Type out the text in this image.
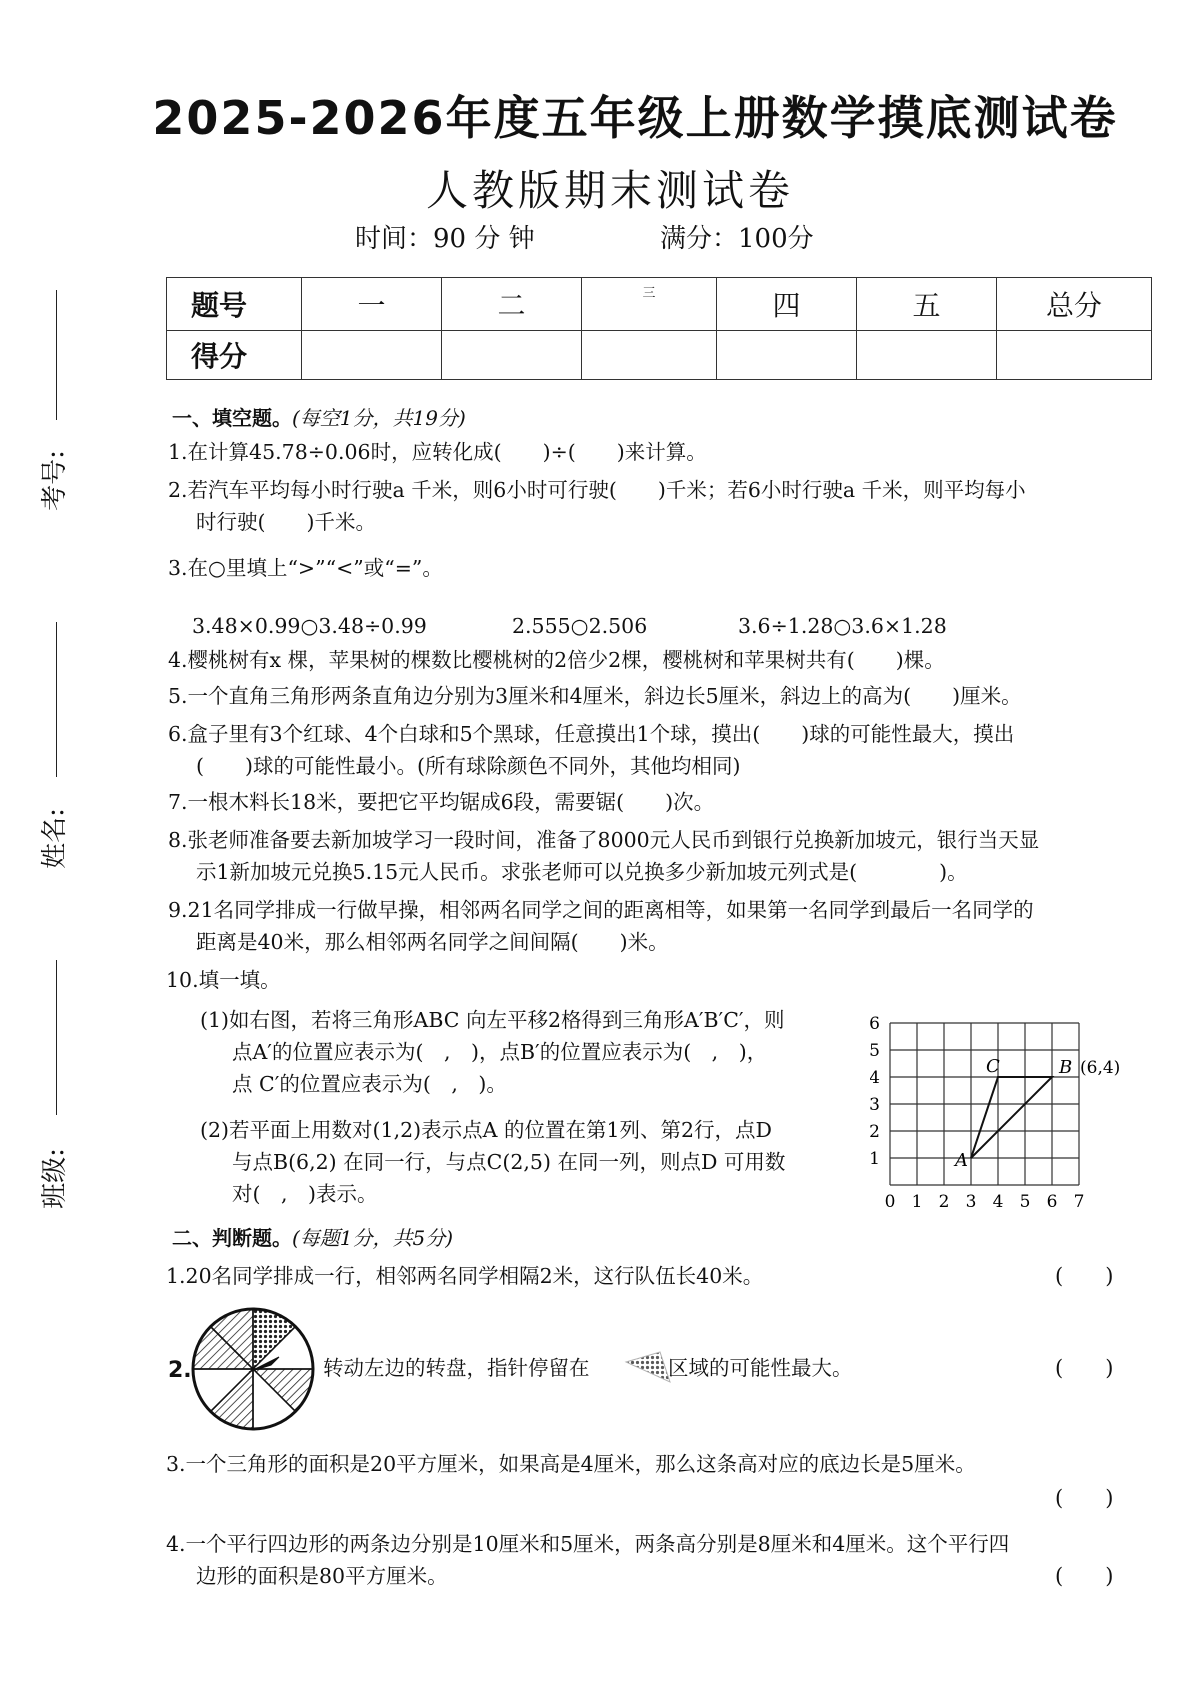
2025-2026年度五年级上册数学摸底测试卷
人教版期末测试卷
时间：90 分 钟	满分：100分
考号:
姓名:
班级:
题号	一	二	三	四	五	总分
得分						
一、填空题。(每空1分，共19分)
1.在计算45.78÷0.06时，应转化成(　　)÷(　　)来计算。
2.若汽车平均每小时行驶a 千米，则6小时可行驶(　　)千米；若6小时行驶a 千米，则平均每小
时行驶(　　)千米。
3.在○里填上“>”“<”或“=”。
3.48×0.99○3.48÷0.99	2.555○2.506	3.6÷1.28○3.6×1.28
4.樱桃树有x 棵，苹果树的棵数比樱桃树的2倍少2棵，樱桃树和苹果树共有(　　)棵。
5.一个直角三角形两条直角边分别为3厘米和4厘米，斜边长5厘米，斜边上的高为(　　)厘米。
6.盒子里有3个红球、4个白球和5个黑球，任意摸出1个球，摸出(　　)球的可能性最大，摸出
(　　)球的可能性最小。(所有球除颜色不同外，其他均相同)
7.一根木料长18米，要把它平均锯成6段，需要锯(　　)次。
8.张老师准备要去新加坡学习一段时间，准备了8000元人民币到银行兑换新加坡元，银行当天显
示1新加坡元兑换5.15元人民币。求张老师可以兑换多少新加坡元列式是(　　　　)。
9.21名同学排成一行做早操，相邻两名同学之间的距离相等，如果第一名同学到最后一名同学的
距离是40米，那么相邻两名同学之间间隔(　　)米。
10.填一填。
(1)如右图，若将三角形ABC 向左平移2格得到三角形A′B′C′，则
点A′的位置应表示为(　,　)，点B′的位置应表示为(　,　)，
点 C′的位置应表示为(　,　)。
(2)若平面上用数对(1,2)表示点A 的位置在第1列、第2行，点D
与点B(6,2) 在同一行，与点C(2,5) 在同一列，则点D 可用数
对(　,　)表示。	0 1 2 3 4 5 6 7
1
2
3
4
5
6
A
B
C	(6,4)
二、判断题。(每题1分，共5分)
1.20名同学排成一行，相邻两名同学相隔2米，这行队伍长40米。	(　　)
2.	转动左边的转盘，指针停留在	区域的可能性最大。	(　　)
3.一个三角形的面积是20平方厘米，如果高是4厘米，那么这条高对应的底边长是5厘米。
(　　)
4.一个平行四边形的两条边分别是10厘米和5厘米，两条高分别是8厘米和4厘米。这个平行四
边形的面积是80平方厘米。	(　　)
